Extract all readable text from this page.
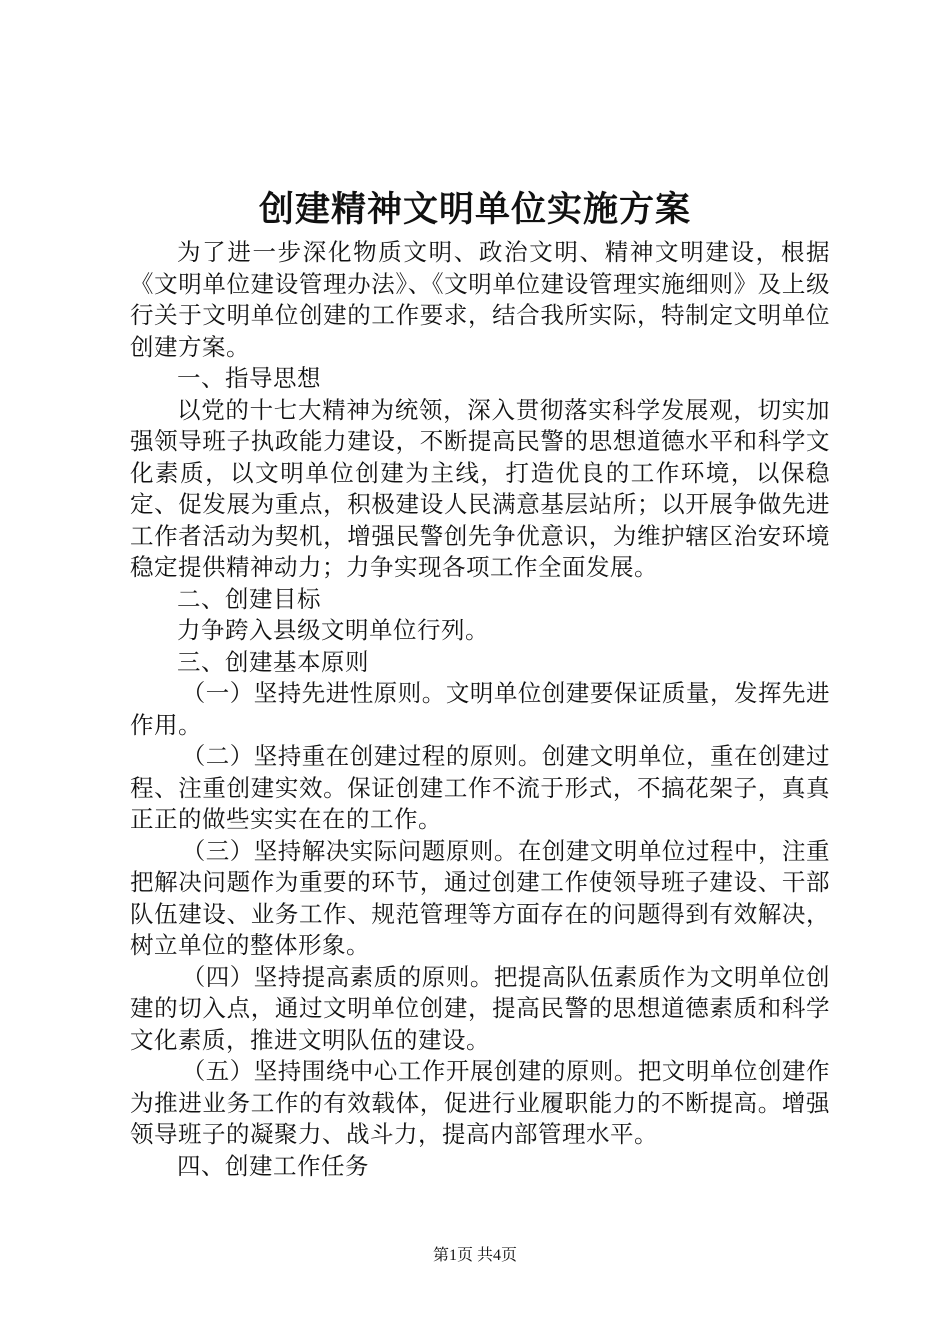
创建精神文明单位实施方案

为了进一步深化物质文明、政治文明、精神文明建设，根据《文明单位建设管理办法》、《文明单位建设管理实施细则》及上级行关于文明单位创建的工作要求，结合我所实际，特制定文明单位创建方案。

一、指导思想

以党的十七大精神为统领，深入贯彻落实科学发展观，切实加强领导班子执政能力建设，不断提高民警的思想道德水平和科学文化素质，以文明单位创建为主线，打造优良的工作环境，以保稳定、促发展为重点，积极建设人民满意基层站所；以开展争做先进工作者活动为契机，增强民警创先争优意识，为维护辖区治安环境稳定提供精神动力；力争实现各项工作全面发展。

二、创建目标

力争跨入县级文明单位行列。

三、创建基本原则

（一）坚持先进性原则。文明单位创建要保证质量，发挥先进作用。

（二）坚持重在创建过程的原则。创建文明单位，重在创建过程、注重创建实效。保证创建工作不流于形式，不搞花架子，真真正正的做些实实在在的工作。

（三）坚持解决实际问题原则。在创建文明单位过程中，注重把解决问题作为重要的环节，通过创建工作使领导班子建设、干部队伍建设、业务工作、规范管理等方面存在的问题得到有效解决，树立单位的整体形象。

（四）坚持提高素质的原则。把提高队伍素质作为文明单位创建的切入点，通过文明单位创建，提高民警的思想道德素质和科学文化素质，推进文明队伍的建设。

（五）坚持围绕中心工作开展创建的原则。把文明单位创建作为推进业务工作的有效载体，促进行业履职能力的不断提高。增强领导班子的凝聚力、战斗力，提高内部管理水平。

四、创建工作任务

第1页 共4页
